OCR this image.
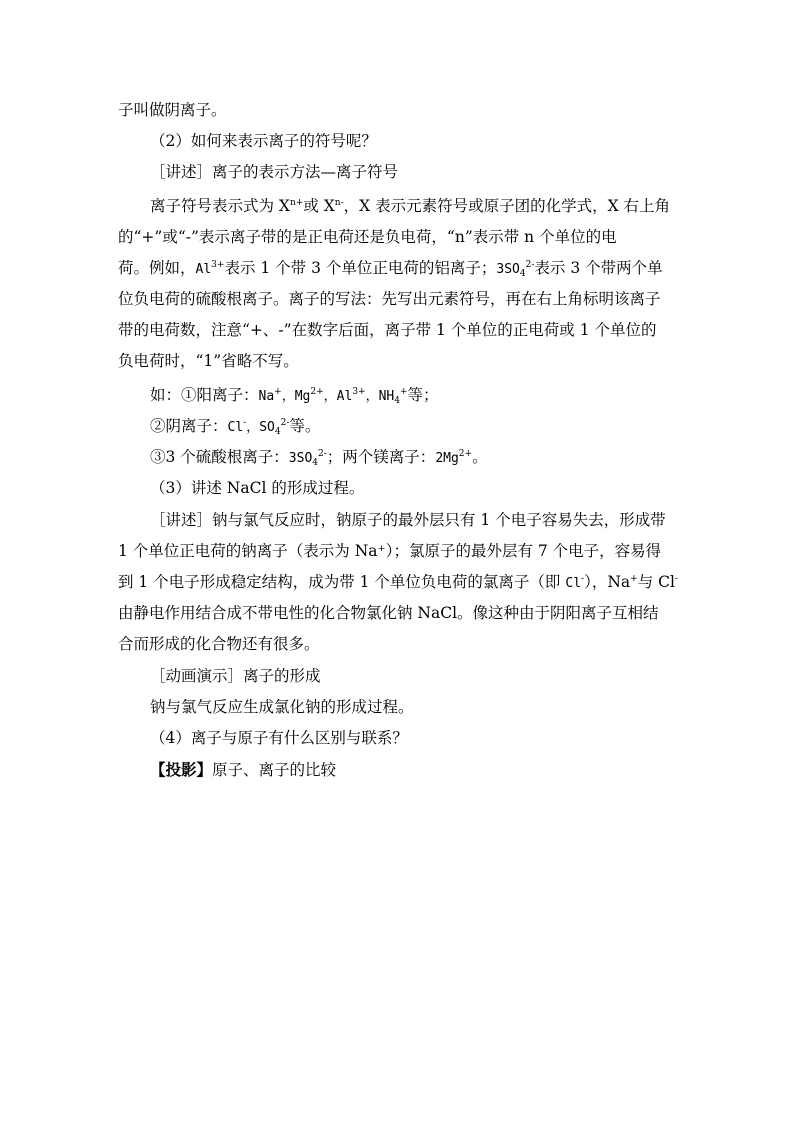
子叫做阴离子。
（2）如何来表示离子的符号呢？
［讲述］离子的表示方法—离子符号
离子符号表示式为 $X^{n+}$或 $X^{n-}$，X 表示元素符号或原子团的化学式，X 右上角
的“+”或“-”表示离子带的是正电荷还是负电荷，“n”表示带 n 个单位的电
荷。例如，$Al^{3+}$表示 1 个带 3 个单位正电荷的铝离子；$3SO_4^{2-}$表示 3 个带两个单
位负电荷的硫酸根离子。离子的写法：先写出元素符号，再在右上角标明该离子
带的电荷数，注意“+、-”在数字后面，离子带 1 个单位的正电荷或 1 个单位的
负电荷时，“1”省略不写。
如：①阳离子：Na+，$Mg^{2+}$，$Al^{3+}$，$NH_4^+$等；
②阴离子：Cl-，$SO_4^{2-}$等。
③3 个硫酸根离子：$3SO_4^{2-}$；两个镁离子：$2Mg^{2+}$。
（3）讲述 NaCl 的形成过程。
［讲述］钠与氯气反应时，钠原子的最外层只有 1 个电子容易失去，形成带
1 个单位正电荷的钠离子（表示为 Na⁺）；氯原子的最外层有 7 个电子，容易得
到 1 个电子形成稳定结构，成为带 1 个单位负电荷的氯离子（即 Cl-），Na+与 Cl-
由静电作用结合成不带电性的化合物氯化钠 NaCl。像这种由于阴阳离子互相结
合而形成的化合物还有很多。
［动画演示］离子的形成
钠与氯气反应生成氯化钠的形成过程。
（4）离子与原子有什么区别与联系？
【投影】原子、离子的比较
